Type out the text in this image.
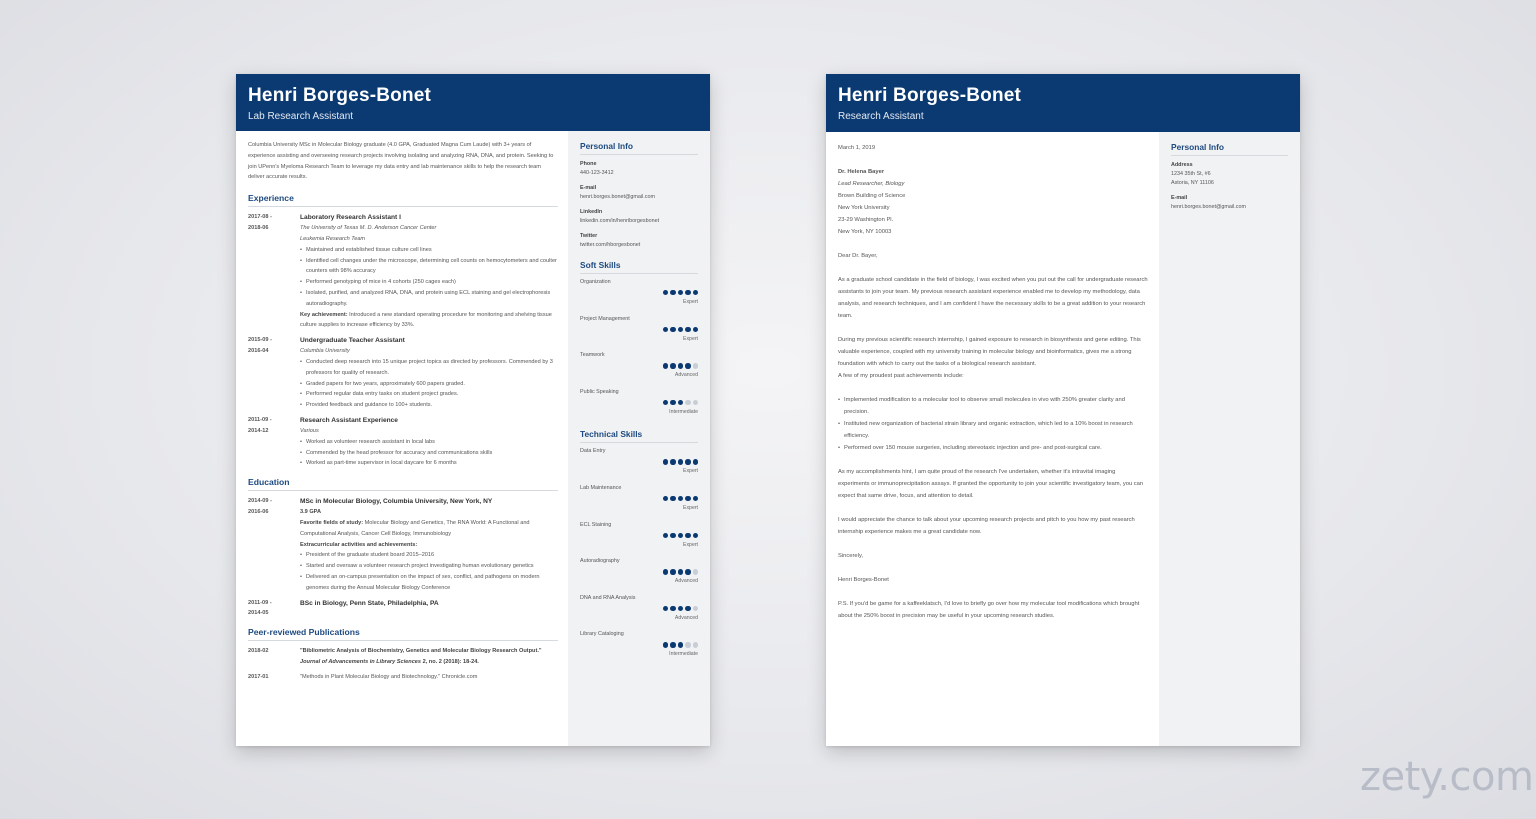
Henri Borges-Bonet
Lab Research Assistant
Columbia University MSc in Molecular Biology graduate (4.0 GPA, Graduated Magna Cum Laude) with 3+ years of experience assisting and overseeing research projects involving isolating and analyzing RNA, DNA, and protein. Seeking to join UPenn's Myeloma Research Team to leverage my data entry and lab maintenance skills to help the research team deliver accurate results.
Experience
2017-08 -
2018-06
Laboratory Research Assistant I
The University of Texas M. D. Anderson Cancer Center
Leukemia Research Team
• Maintained and established tissue culture cell lines
• Identified cell changes under the microscope, determining cell counts on hemocytometers and coulter counters with 98% accuracy
• Performed genotyping of mice in 4 cohorts (250 cages each)
• Isolated, purified, and analyzed RNA, DNA, and protein using ECL staining and gel electrophoresis autoradiography.
Key achievement: Introduced a new standard operating procedure for monitoring and shelving tissue culture supplies to increase efficiency by 33%.
2015-09 -
2016-04
Undergraduate Teacher Assistant
Columbia University
• Conducted deep research into 15 unique project topics as directed by professors. Commended by 3 professors for quality of research.
• Graded papers for two years, approximately 600 papers graded.
• Performed regular data entry tasks on student project grades.
• Provided feedback and guidance to 100+ students.
2011-09 -
2014-12
Research Assistant Experience
Various
• Worked as volunteer research assistant in local labs
• Commended by the head professor for accuracy and communications skills
• Worked as part-time supervisor in local daycare for 6 months
Education
2014-09 -
2016-06
MSc in Molecular Biology, Columbia University, New York, NY
3.9 GPA
Favorite fields of study: Molecular Biology and Genetics, The RNA World: A Functional and Computational Analysis, Cancer Cell Biology, Immunobiology
Extracurricular activities and achievements:
• President of the graduate student board 2015–2016
• Started and oversaw a volunteer research project investigating human evolutionary genetics
• Delivered an on-campus presentation on the impact of sex, conflict, and pathogens on modern genomes during the Annual Molecular Biology Conference
2011-09 -
2014-05
BSc in Biology, Penn State, Philadelphia, PA
Peer-reviewed Publications
2018-02	"Bibliometric Analysis of Biochemistry, Genetics and Molecular Biology Research Output." Journal of Advancements in Library Sciences 2, no. 2 (2018): 18-24.
2017-01	"Methods in Plant Molecular Biology and Biotechnology." Chronicle.com
Personal Info
Phone
440-123-3412
E-mail
henri.borges.bonet@gmail.com
LinkedIn
linkedin.com/in/henriborgesbonet
Twitter
twitter.com/hborgesbonet
Soft Skills
Organization
Expert
Project Management
Expert
Teamwork
Advanced
Public Speaking
Intermediate
Technical Skills
Data Entry
Expert
Lab Maintenance
Expert
ECL Staining
Expert
Autoradiography
Advanced
DNA and RNA Analysis
Advanced
Library Cataloging
Intermediate
Henri Borges-Bonet
Research Assistant
March 1, 2019
Dr. Helena Bayer
Lead Researcher, Biology
Brown Building of Science
New York University
23-29 Washington Pl.
New York, NY 10003
Dear Dr. Bayer,

As a graduate school candidate in the field of biology, I was excited when you put out the call for undergraduate research assistants to join your team. My previous research assistant experience enabled me to develop my methodology, data analysis, and research techniques, and I am confident I have the necessary skills to be a great addition to your research team.

During my previous scientific research internship, I gained exposure to research in biosynthesis and gene editing. This valuable experience, coupled with my university training in molecular biology and bioinformatics, gives me a strong foundation with which to carry out the tasks of a biological research assistant.

A few of my proudest past achievements include:

• Implemented modification to a molecular tool to observe small molecules in vivo with 250% greater clarity and precision.
• Instituted new organization of bacterial strain library and organic extraction, which led to a 10% boost in research efficiency.
• Performed over 150 mouse surgeries, including stereotaxic injection and pre- and post-surgical care.

As my accomplishments hint, I am quite proud of the research I've undertaken, whether it's intravital imaging experiments or immunoprecipitation assays. If granted the opportunity to join your scientific investigatory team, you can expect that same drive, focus, and attention to detail.

I would appreciate the chance to talk about your upcoming research projects and pitch to you how my past research internship experience makes me a great candidate now.

Sincerely,
Henri Borges-Bonet

P.S. If you'd be game for a kaffeeklatsch, I'd love to briefly go over how my molecular tool modifications which brought about the 250% boost in precision may be useful in your upcoming research studies.

Personal Info
Address
1234 35th St, #6
Astoria, NY 11106
E-mail
henri.borges.bonet@gmail.com
zety.com
